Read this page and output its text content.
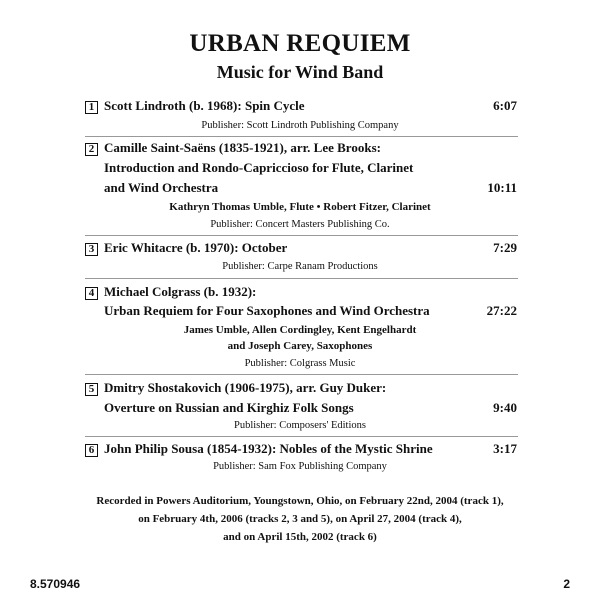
URBAN REQUIEM
Music for Wind Band
1 Scott Lindroth (b. 1968): Spin Cycle	6:07
Publisher: Scott Lindroth Publishing Company
2 Camille Saint-Saëns (1835-1921), arr. Lee Brooks:
Introduction and Rondo-Capriccioso for Flute, Clarinet
and Wind Orchestra	10:11
Kathryn Thomas Umble, Flute • Robert Fitzer, Clarinet
Publisher: Concert Masters Publishing Co.
3 Eric Whitacre (b. 1970): October	7:29
Publisher: Carpe Ranam Productions
4 Michael Colgrass (b. 1932):
Urban Requiem for Four Saxophones and Wind Orchestra	27:22
James Umble, Allen Cordingley, Kent Engelhardt
and Joseph Carey, Saxophones
Publisher: Colgrass Music
5 Dmitry Shostakovich (1906-1975), arr. Guy Duker:
Overture on Russian and Kirghiz Folk Songs	9:40
Publisher: Composers' Editions
6 John Philip Sousa (1854-1932): Nobles of the Mystic Shrine	3:17
Publisher: Sam Fox Publishing Company
Recorded in Powers Auditorium, Youngstown, Ohio, on February 22nd, 2004 (track 1),
on February 4th, 2006 (tracks 2, 3 and 5), on April 27, 2004 (track 4),
and on April 15th, 2002 (track 6)
8.570946	2
